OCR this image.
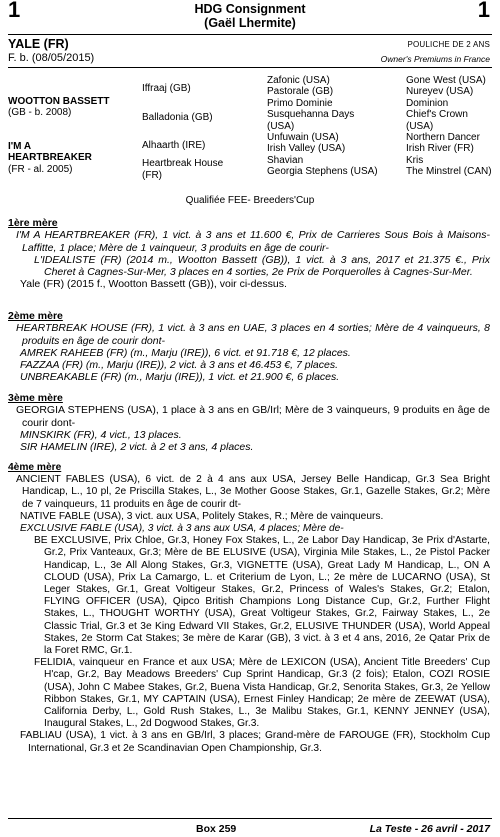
1	HDG Consignment
(Gaël Lhermite)
1
YALE (FR)
F. b. (08/05/2015)
POULICHE DE 2 ANS
Owner's Premiums in France
WOOTTON BASSETT
(GB - b. 2008)
I'M A
HEARTBREAKER
(FR - al. 2005)
Iffraaj (GB)
Balladonia (GB)
Alhaarth (IRE)
Heartbreak House
(FR)
Zafonic (USA)
Pastorale (GB)
Primo Dominie
Susquehanna Days
(USA)
Unfuwain (USA)
Irish Valley (USA)
Shavian
Georgia Stephens (USA)
Gone West (USA)
Nureyev (USA)
Dominion
Chief's Crown
(USA)
Northern Dancer
Irish River (FR)
Kris
The Minstrel (CAN)
Qualifiée FEE- Breeders'Cup
1ère mère
I'M A HEARTBREAKER (FR), 1 vict. à 3 ans et 11.600 €, Prix de Carrieres Sous Bois à Maisons-Laffitte, 1 place; Mère de 1 vainqueur, 3 produits en âge de courir-
L'IDEALISTE (FR) (2014 m., Wootton Bassett (GB)), 1 vict. à 3 ans, 2017 et 21.375 €., Prix Cheret à Cagnes-Sur-Mer, 3 places en 4 sorties, 2e Prix de Porquerolles à Cagnes-Sur-Mer.
Yale (FR) (2015 f., Wootton Bassett (GB)), voir ci-dessus.
2ème mère
HEARTBREAK HOUSE (FR), 1 vict. à 3 ans en UAE, 3 places en 4 sorties; Mère de 4 vainqueurs, 8 produits en âge de courir dont-
AMREK RAHEEB (FR) (m., Marju (IRE)), 6 vict. et 91.718 €, 12 places.
FAZZAA (FR) (m., Marju (IRE)), 2 vict. à 3 ans et 46.453 €, 7 places.
UNBREAKABLE (FR) (m., Marju (IRE)), 1 vict. et 21.900 €, 6 places.
3ème mère
GEORGIA STEPHENS (USA), 1 place à 3 ans en GB/Irl; Mère de 3 vainqueurs, 9 produits en âge de courir dont-
MINSKIRK (FR), 4 vict., 13 places.
SIR HAMELIN (IRE), 2 vict. à 2 et 3 ans, 4 places.
4ème mère
ANCIENT FABLES (USA), 6 vict. de 2 à 4 ans aux USA, Jersey Belle Handicap, Gr.3 Sea Bright Handicap, L., 10 pl, 2e Priscilla Stakes, L., 3e Mother Goose Stakes, Gr.1, Gazelle Stakes, Gr.2; Mère de 7 vainqueurs, 11 produits en âge de courir dt-
NATIVE FABLE (USA), 3 vict. aux USA, Politely Stakes, R.; Mère de vainqueurs.
EXCLUSIVE FABLE (USA), 3 vict. à 3 ans aux USA, 4 places; Mère de-
BE EXCLUSIVE, Prix Chloe, Gr.3, Honey Fox Stakes, L., 2e Labor Day Handicap, 3e Prix d'Astarte, Gr.2, Prix Vanteaux, Gr.3; Mère de BE ELUSIVE (USA), Virginia Mile Stakes, L., 2e Pistol Packer Handicap, L., 3e All Along Stakes, Gr.3, VIGNETTE (USA), Great Lady M Handicap, L., ON A CLOUD (USA), Prix La Camargo, L. et Criterium de Lyon, L.; 2e mère de LUCARNO (USA), St Leger Stakes, Gr.1, Great Voltigeur Stakes, Gr.2, Princess of Wales's Stakes, Gr.2; Etalon, FLYING OFFICER (USA), Qipco British Champions Long Distance Cup, Gr.2, Further Flight Stakes, L., THOUGHT WORTHY (USA), Great Voltigeur Stakes, Gr.2, Fairway Stakes, L., 2e Classic Trial, Gr.3 et 3e King Edward VII Stakes, Gr.2, ELUSIVE THUNDER (USA), World Appeal Stakes, 2e Storm Cat Stakes; 3e mère de Karar (GB), 3 vict. à 3 et 4 ans, 2016, 2e Qatar Prix de la Foret RMC, Gr.1.
FELIDIA, vainqueur en France et aux USA; Mère de LEXICON (USA), Ancient Title Breeders' Cup H'cap, Gr.2, Bay Meadows Breeders' Cup Sprint Handicap, Gr.3 (2 fois); Etalon, COZI ROSIE (USA), John C Mabee Stakes, Gr.2, Buena Vista Handicap, Gr.2, Senorita Stakes, Gr.3, 2e Yellow Ribbon Stakes, Gr.1, MY CAPTAIN (USA), Ernest Finley Handicap; 2e mère de ZEEWAT (USA), California Derby, L., Gold Rush Stakes, L., 3e Malibu Stakes, Gr.1, KENNY JENNEY (USA), Inaugural Stakes, L., 2d Dogwood Stakes, Gr.3.
FABLIAU (USA), 1 vict. à 3 ans en GB/Irl, 3 places; Grand-mère de FAROUGE (FR), Stockholm Cup International, Gr.3 et 2e Scandinavian Open Championship, Gr.3.
Box 259	La Teste - 26 avril - 2017
